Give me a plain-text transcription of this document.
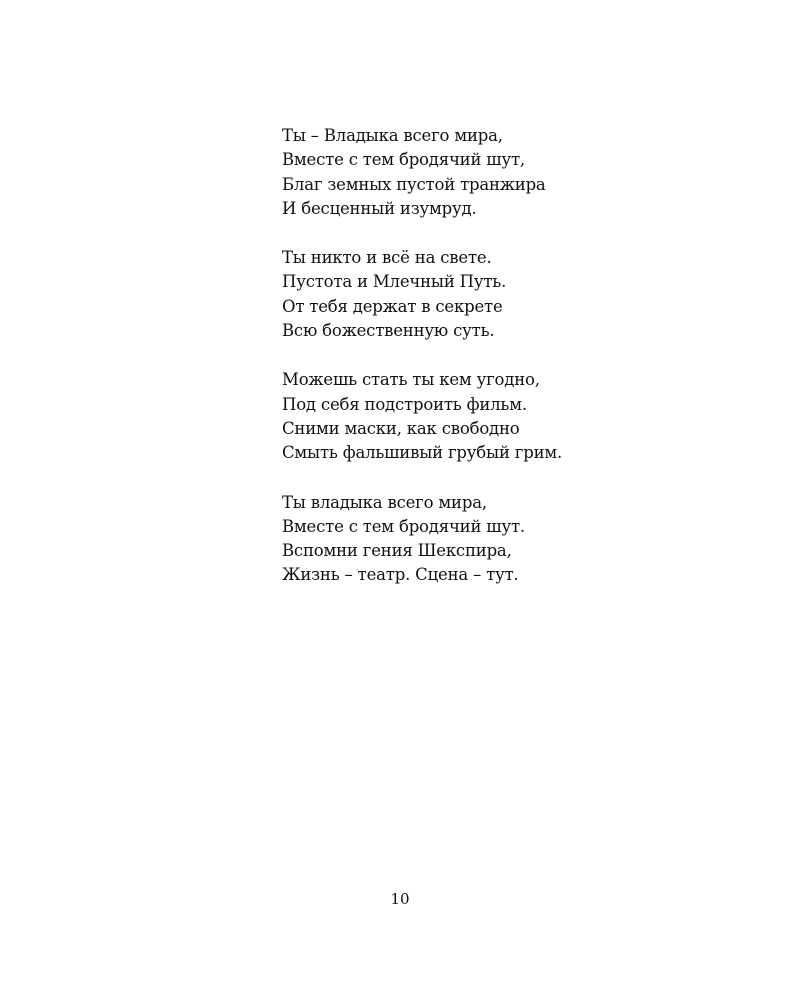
Ты – Владыка всего мира,
Вместе с тем бродячий шут,
Благ земных пустой транжира
И бесценный изумруд.
Ты никто и всё на свете.
Пустота и Млечный Путь.
От тебя держат в секрете
Всю божественную суть.
Можешь стать ты кем угодно,
Под себя подстроить фильм.
Сними маски, как свободно
Смыть фальшивый грубый грим.
Ты владыка всего мира,
Вместе с тем бродячий шут.
Вспомни гения Шекспира,
Жизнь – театр. Сцена – тут.
10
